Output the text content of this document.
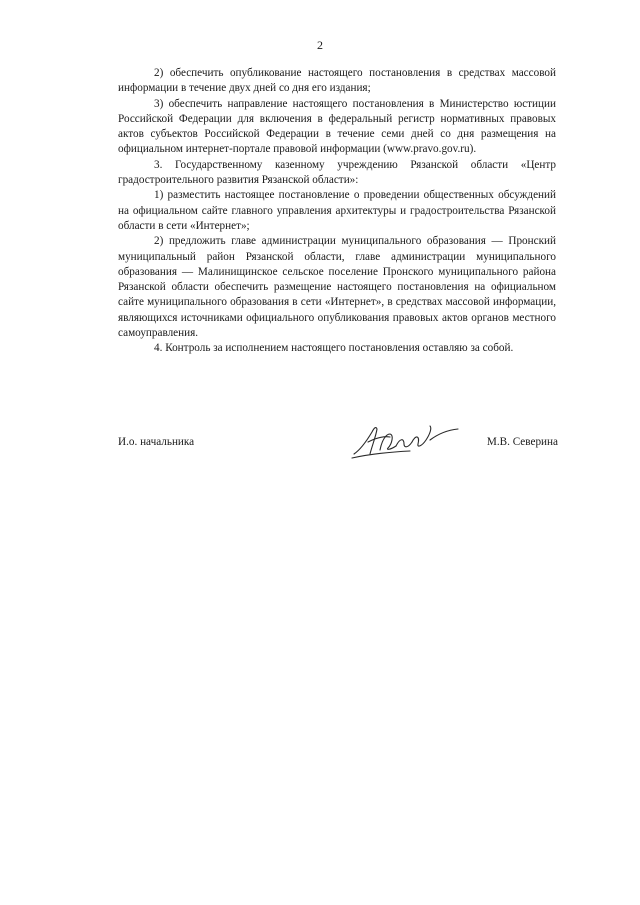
2

2) обеспечить опубликование настоящего постановления в средствах массовой информации в течение двух дней со дня его издания;

3) обеспечить направление настоящего постановления в Министерство юстиции Российской Федерации для включения в федеральный регистр нормативных правовых актов субъектов Российской Федерации в течение семи дней со дня размещения на официальном интернет-портале правовой информации (www.pravo.gov.ru).

3. Государственному казенному учреждению Рязанской области «Центр градостроительного развития Рязанской области»:

1) разместить настоящее постановление о проведении общественных обсуждений на официальном сайте главного управления архитектуры и градостроительства Рязанской области в сети «Интернет»;

2) предложить главе администрации муниципального образования — Пронский муниципальный район Рязанской области, главе администрации муниципального образования — Малинищинское сельское поселение Пронского муниципального района Рязанской области обеспечить размещение настоящего постановления на официальном сайте муниципального образования в сети «Интернет», в средствах массовой информации, являющихся источниками официального опубликования правовых актов органов местного самоуправления.

4. Контроль за исполнением настоящего постановления оставляю за собой.

И.о. начальника	М.В. Северина
